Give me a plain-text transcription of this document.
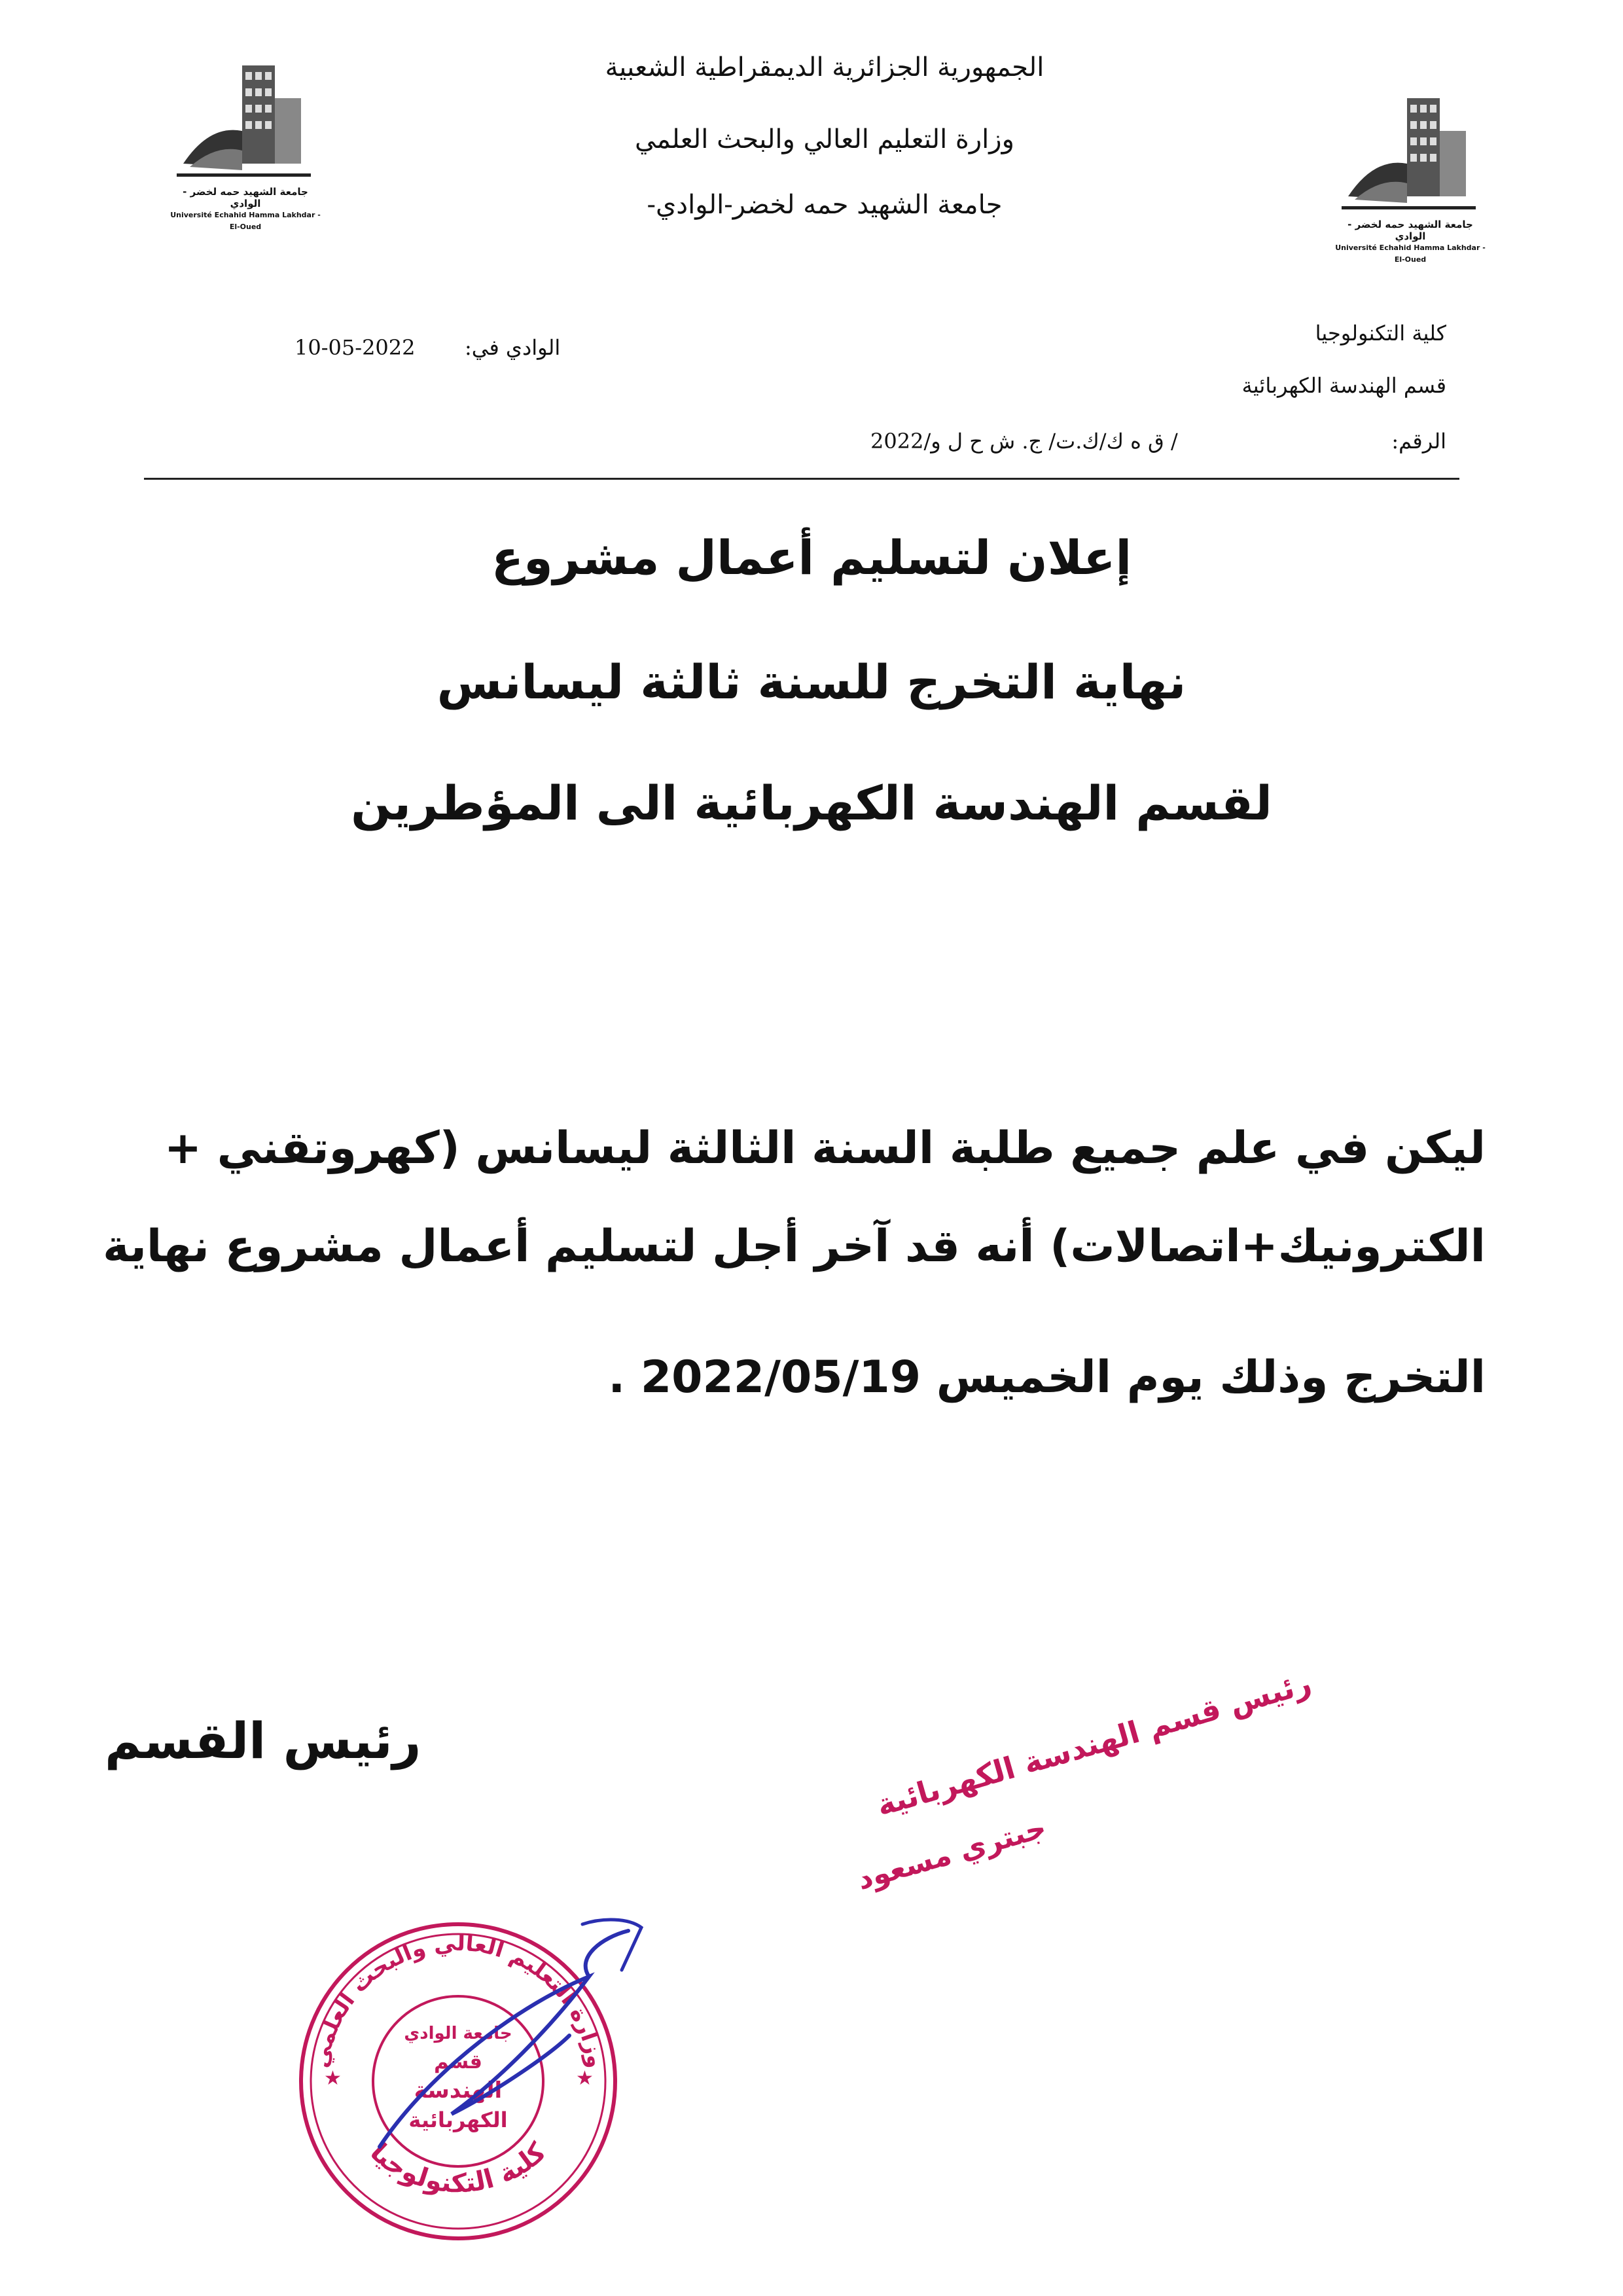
جامعة الشهيد حمه لخضر - الوادي
Université Echahid Hamma Lakhdar - El-Oued	جامعة الشهيد حمه لخضر - الوادي
Université Echahid Hamma Lakhdar - El-Oued
الجمهورية الجزائرية الديمقراطية الشعبية
وزارة التعليم العالي والبحث العلمي
جامعة الشهيد حمه لخضر-الوادي-
كلية التكنولوجيا
قسم الهندسة الكهربائية
الرقم:
/ ق ه ك/ك.ت/ ج. ش ح ل و/2022
الوادي في:
10-05-2022
إعلان لتسليم أعمال مشروع
نهاية التخرج للسنة ثالثة ليسانس
لقسم الهندسة الكهربائية الى المؤطرين
ليكن في علم جميع طلبة السنة الثالثة ليسانس (كهروتقني +
الكترونيك+اتصالات) أنه قد آخر أجل لتسليم أعمال مشروع نهاية
التخرج وذلك يوم الخميس 2022/05/19 .
رئيس القسم	رئيس قسم الهندسة الكهربائية
جبتري مسعود
وزارة التعليم العالي والبحث العلمي
كلية التكنولوجيا
جامعة الوادي
قسم
الهندسة
الكهربائية
★	★
